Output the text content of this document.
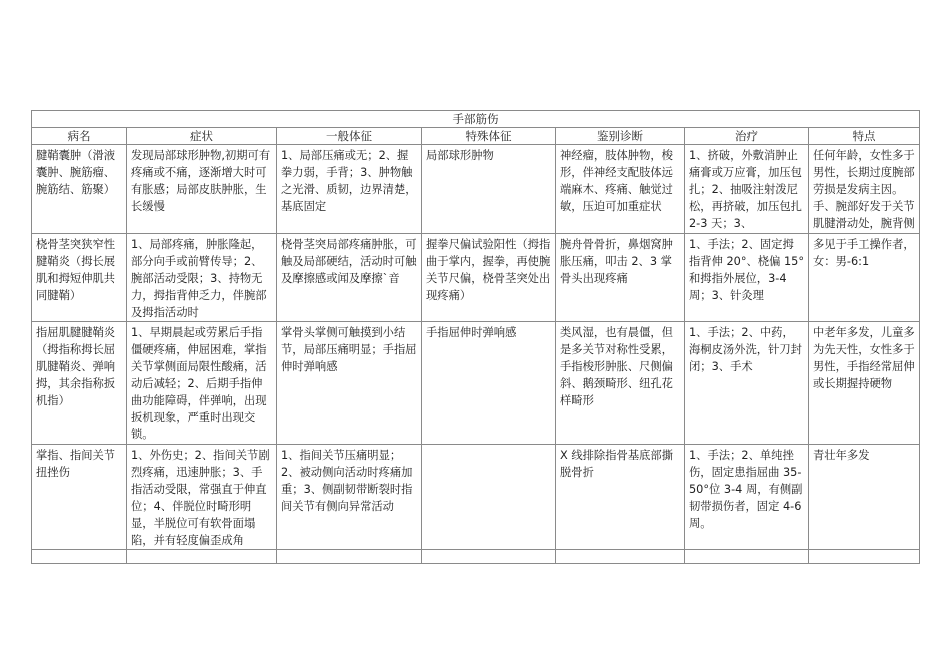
手部筋伤						
病名	症状	一般体征	特殊体征	鉴别诊断	治疗	特点

腱鞘囊肿（滑液囊肿、腕筋瘤、腕筋结、筋聚）	发现局部球形肿物,初期可有疼痛或不痛，逐渐增大时可有胀感；局部皮肤肿胀，生长缓慢	1、局部压痛或无；2、握拳力弱，手背；3、肿物触之光滑、质韧，边界清楚，基底固定	局部球形肿物	神经瘤，肢体肿物，梭形，伴神经支配肢体远端麻木、疼痛、触觉过敏，压迫可加重症状	1、挤破，外敷消肿止痛膏或万应膏，加压包扎；2、抽吸注射泼尼松，再挤破，加压包扎 2-3 天；3、	任何年龄，女性多于男性，长期过度腕部劳损是发病主因。手、腕部好发于关节肌腱滑动处，腕背侧

桡骨茎突狭窄性腱鞘炎（拇长展肌和拇短伸肌共同腱鞘）	1、局部疼痛，肿胀隆起，部分向手或前臂传导；2、腕部活动受限；3、持物无力，拇指背伸乏力，伴腕部及拇指活动时	桡骨茎突局部疼痛肿胀，可触及局部硬结，活动时可触及摩擦感或闻及摩擦`音	握拳尺偏试验阳性（拇指曲于掌内，握拳，再使腕关节尺偏，桡骨茎突处出现疼痛）	腕舟骨骨折，鼻烟窝肿胀压痛，叩击 2、3 掌骨头出现疼痛	1、手法；2、固定拇指背伸 20°、桡偏 15°和拇指外展位，3-4 周；3、针灸理	多见于手工操作者，女：男-6:1

指屈肌腱腱鞘炎（拇指称拇长屈肌腱鞘炎、弹响拇，其余指称扳机指）	1、早期晨起或劳累后手指僵硬疼痛，伸屈困难，掌指关节掌侧面局限性酸痛，活动后减轻；2、后期手指伸曲功能障碍，伴弹响，出现扳机现象，严重时出现交锁。	掌骨头掌侧可触摸到小结节，局部压痛明显；手指屈伸时弹响感	手指屈伸时弹响感	类风湿，也有晨僵，但是多关节对称性受累，手指梭形肿胀、尺侧偏斜、鹅颈畸形、纽孔花样畸形	1、手法；2、中药，海桐皮汤外洗，针刀封闭；3、手术	中老年多发，儿童多为先天性，女性多于男性，手指经常屈伸或长期握持硬物

掌指、指间关节扭挫伤	1、外伤史；2、指间关节剧烈疼痛，迅速肿胀；3、手指活动受限，常强直于伸直位；4、伴脱位时畸形明显，半脱位可有软骨面塌陷，并有轻度偏歪成角	1、指间关节压痛明显；2、被动侧向活动时疼痛加重；3、侧副韧带断裂时指间关节有侧向异常活动		X 线排除指骨基底部撕脱骨折	1、手法；2、单纯挫伤，固定患指屈曲 35-50°位 3-4 周，有侧副韧带损伤者，固定 4-6 周。	青壮年多发
